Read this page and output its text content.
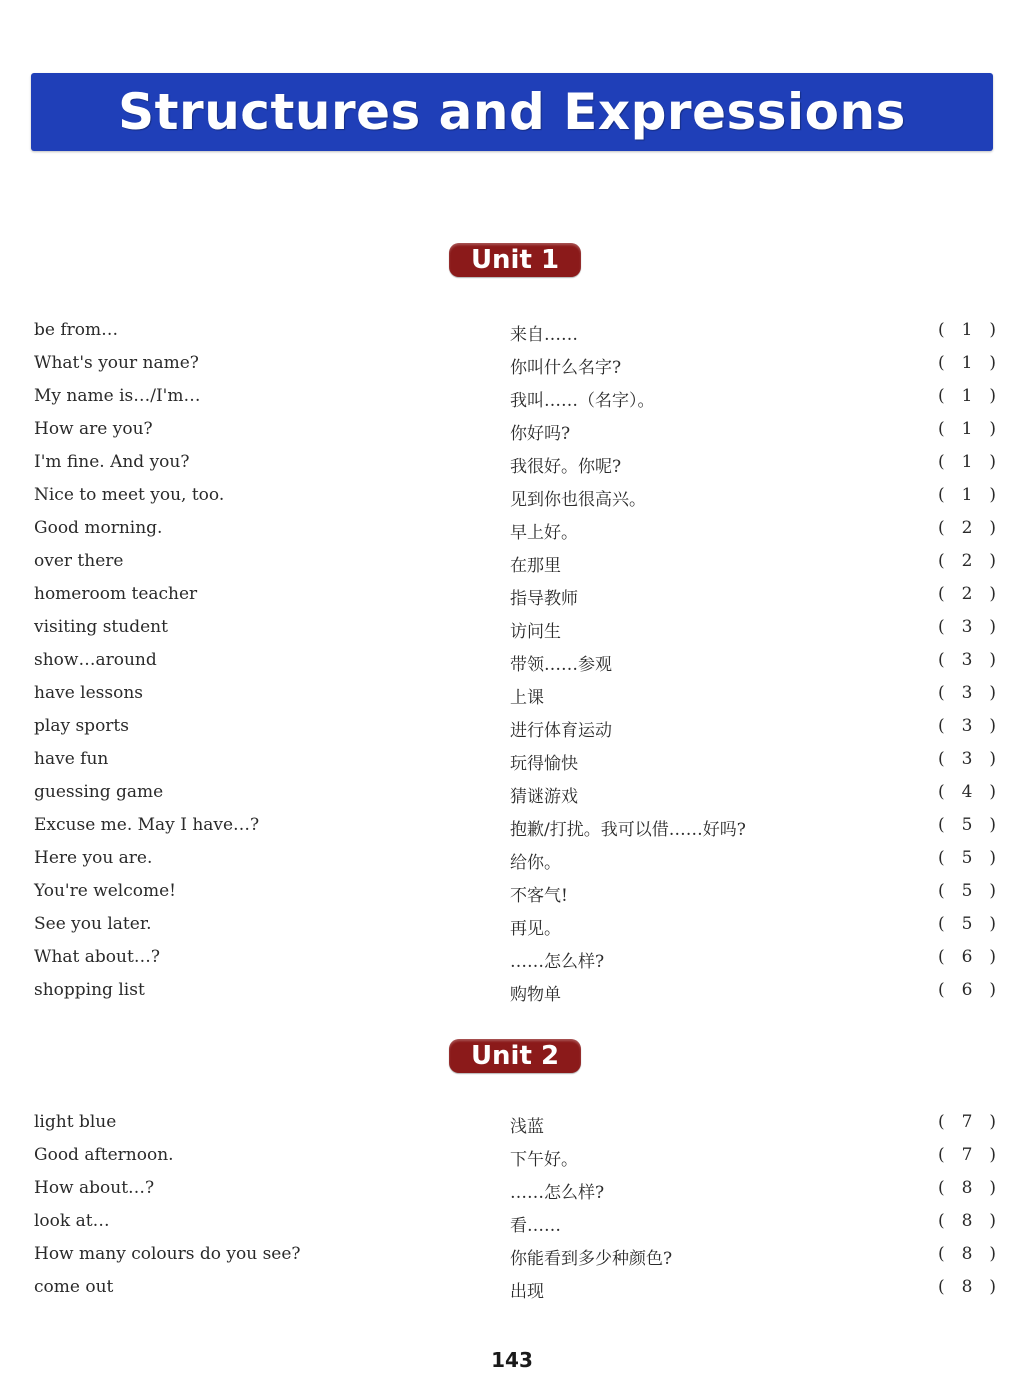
Structures and Expressions
Unit 1
be from…	来自……	( 1 )
What's your name?	你叫什么名字?	( 1 )
My name is…/I'm…	我叫……（名字）。	( 1 )
How are you?	你好吗?	( 1 )
I'm fine. And you?	我很好。你呢?	( 1 )
Nice to meet you, too.	见到你也很高兴。	( 1 )
Good morning.	早上好。	( 2 )
over there	在那里	( 2 )
homeroom teacher	指导教师	( 2 )
visiting student	访问生	( 3 )
show…around	带领……参观	( 3 )
have lessons	上课	( 3 )
play sports	进行体育运动	( 3 )
have fun	玩得愉快	( 3 )
guessing game	猜谜游戏	( 4 )
Excuse me. May I have…?	抱歉/打扰。我可以借……好吗?	( 5 )
Here you are.	给你。	( 5 )
You're welcome!	不客气!	( 5 )
See you later.	再见。	( 5 )
What about…?	……怎么样?	( 6 )
shopping list	购物单	( 6 )
Unit 2
light blue	浅蓝	( 7 )
Good afternoon.	下午好。	( 7 )
How about…?	……怎么样?	( 8 )
look at…	看……	( 8 )
How many colours do you see?	你能看到多少种颜色?	( 8 )
come out	出现	( 8 )
143
